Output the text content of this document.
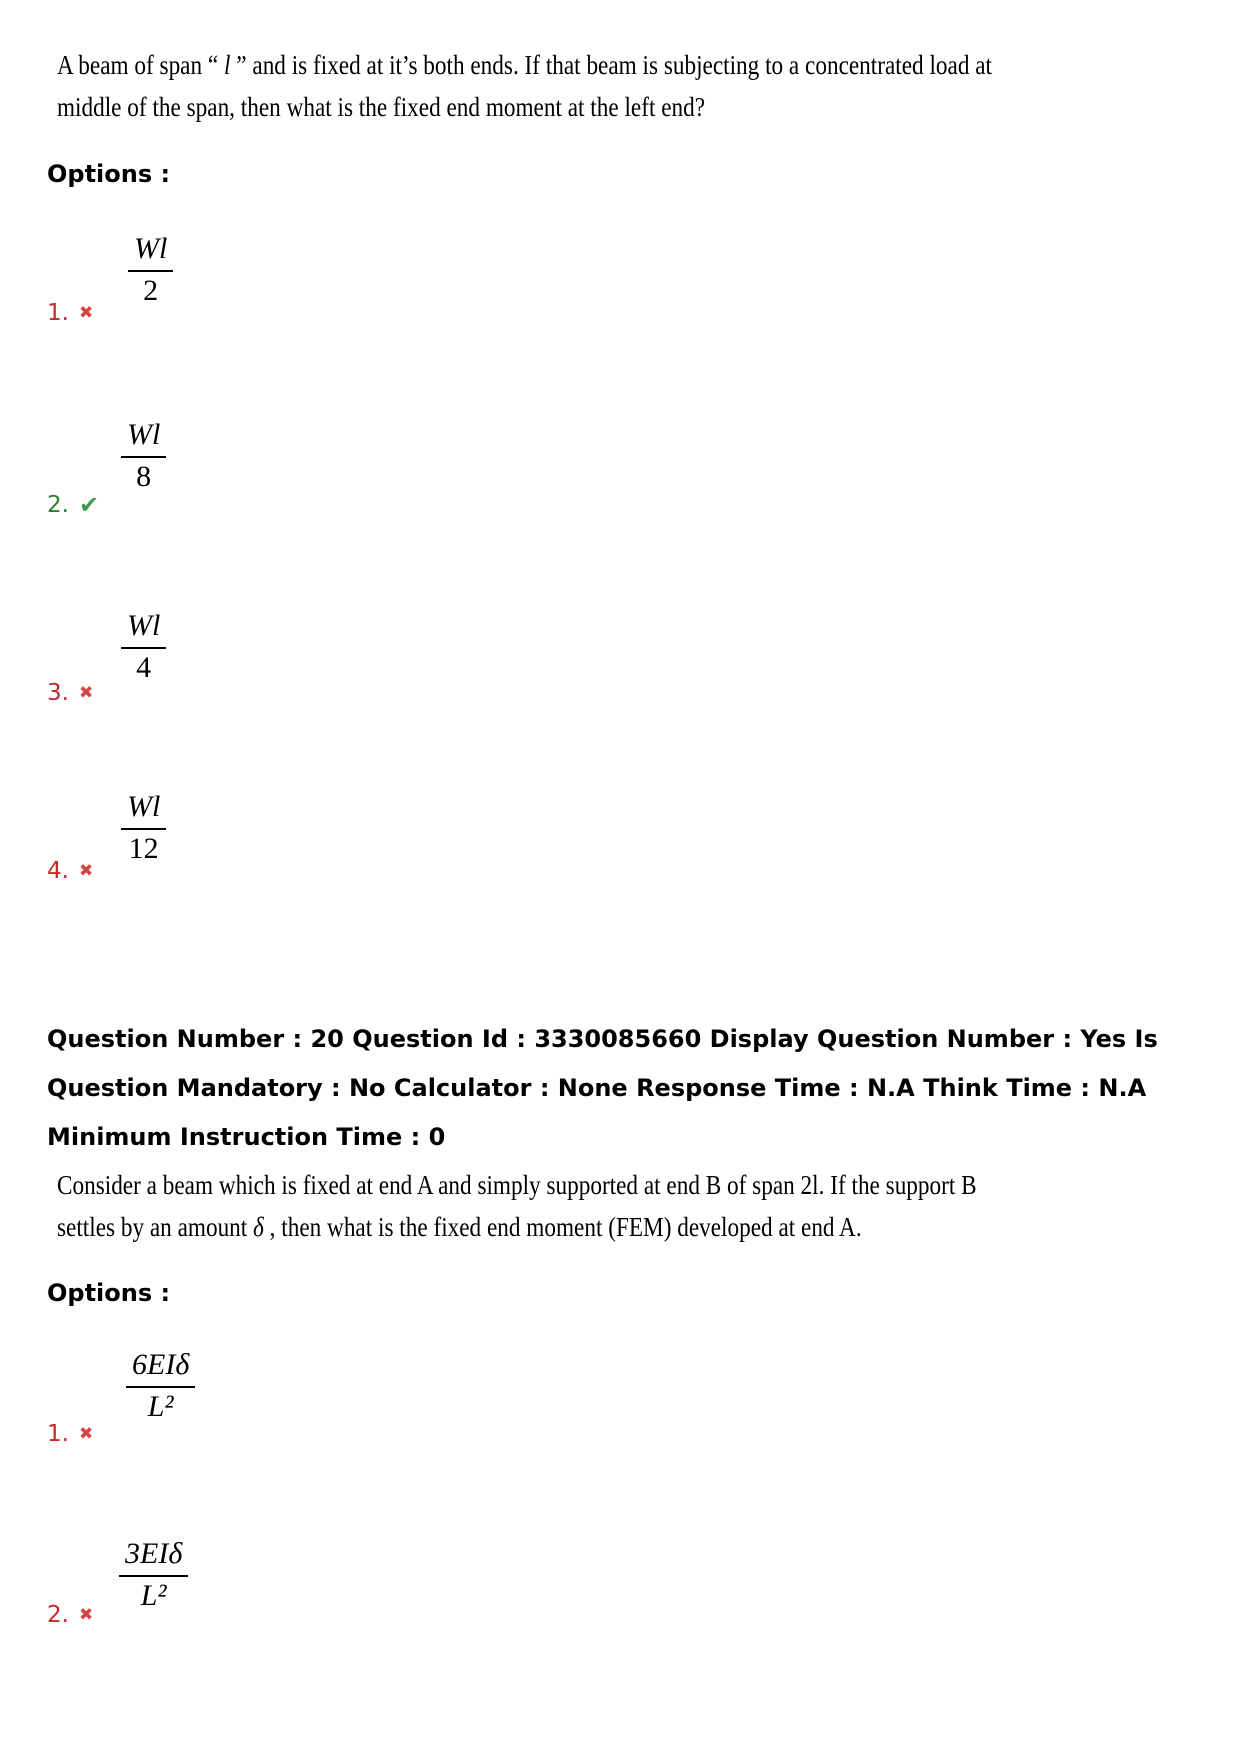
A beam of span “ l ” and is fixed at it’s both ends. If that beam is subjecting to a concentrated load at
middle of the span, then what is the fixed end moment at the left end?
Options :
$\frac{Wl}{2}$
1. ✖
$\frac{Wl}{8}$
2. ✔
$\frac{Wl}{4}$
3. ✖
$\frac{Wl}{12}$
4. ✖
Question Number : 20 Question Id : 3330085660 Display Question Number : Yes Is Question Mandatory : No Calculator : None Response Time : N.A Think Time : N.A Minimum Instruction Time : 0
Consider a beam which is fixed at end A and simply supported at end B of span 2l. If the support B
settles by an amount δ , then what is the fixed end moment (FEM) developed at end A.
Options :
6EIδ
L²
1. ✖
3EIδ
L²
2. ✖
